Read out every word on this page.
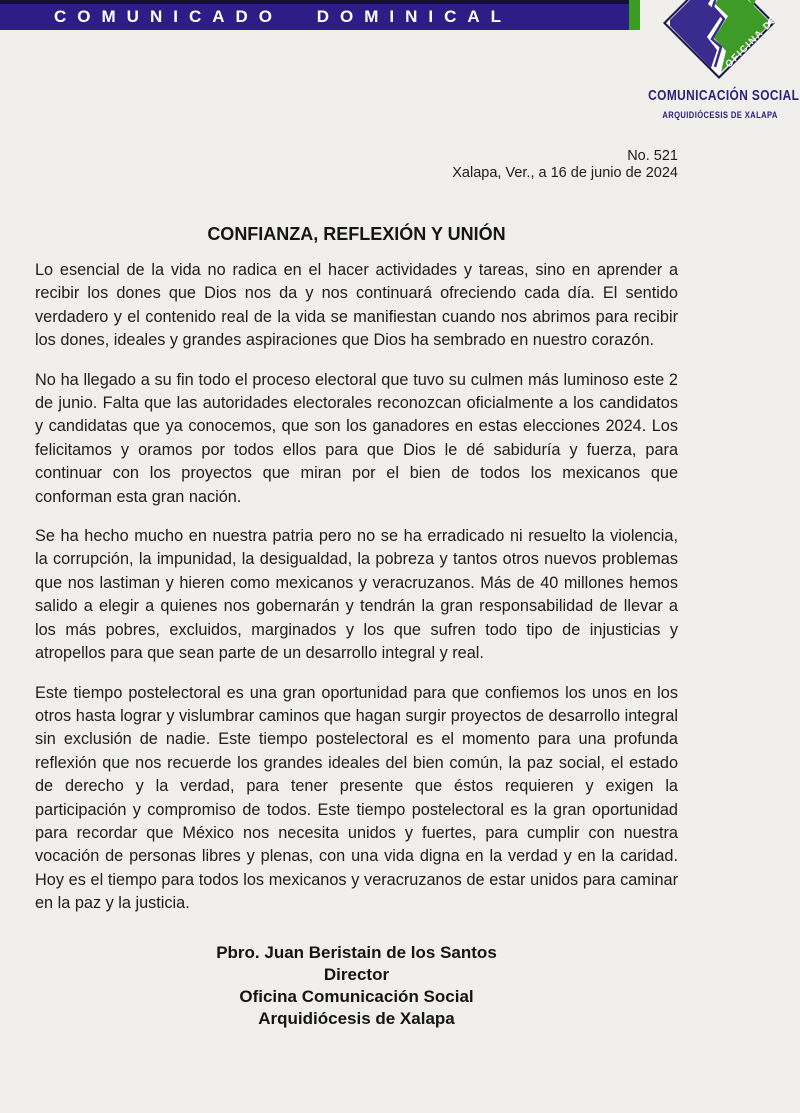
COMUNICADO DOMINICAL	OFICINA DE
COMUNICACIÓN SOCIAL
ARQUIDIÓCESIS DE XALAPA
No. 521
Xalapa, Ver., a 16 de junio de 2024
CONFIANZA, REFLEXIÓN Y UNIÓN

Lo esencial de la vida no radica en el hacer actividades y tareas, sino en aprender a recibir los dones que Dios nos da y nos continuará ofreciendo cada día. El sentido verdadero y el contenido real de la vida se manifiestan cuando nos abrimos para recibir los dones, ideales y grandes aspiraciones que Dios ha sembrado en nuestro corazón.

No ha llegado a su fin todo el proceso electoral que tuvo su culmen más luminoso este 2 de junio. Falta que las autoridades electorales reconozcan oficialmente a los candidatos y candidatas que ya conocemos, que son los ganadores en estas elecciones 2024. Los felicitamos y oramos por todos ellos para que Dios le dé sabiduría y fuerza, para continuar con los proyectos que miran por el bien de todos los mexicanos que conforman esta gran nación.

Se ha hecho mucho en nuestra patria pero no se ha erradicado ni resuelto la violencia, la corrupción, la impunidad, la desigualdad, la pobreza y tantos otros nuevos problemas que nos lastiman y hieren como mexicanos y veracruzanos. Más de 40 millones hemos salido a elegir a quienes nos gobernarán y tendrán la gran responsabilidad de llevar a los más pobres, excluidos, marginados y los que sufren todo tipo de injusticias y atropellos para que sean parte de un desarrollo integral y real.

Este tiempo postelectoral es una gran oportunidad para que confiemos los unos en los otros hasta lograr y vislumbrar caminos que hagan surgir proyectos de desarrollo integral sin exclusión de nadie. Este tiempo postelectoral es el momento para una profunda reflexión que nos recuerde los grandes ideales del bien común, la paz social, el estado de derecho y la verdad, para tener presente que éstos requieren y exigen la participación y compromiso de todos. Este tiempo postelectoral es la gran oportunidad para recordar que México nos necesita unidos y fuertes, para cumplir con nuestra vocación de personas libres y plenas, con una vida digna en la verdad y en la caridad. Hoy es el tiempo para todos los mexicanos y veracruzanos de estar unidos para caminar en la paz y la justicia.

Pbro. Juan Beristain de los Santos
Director
Oficina Comunicación Social
Arquidiócesis de Xalapa
